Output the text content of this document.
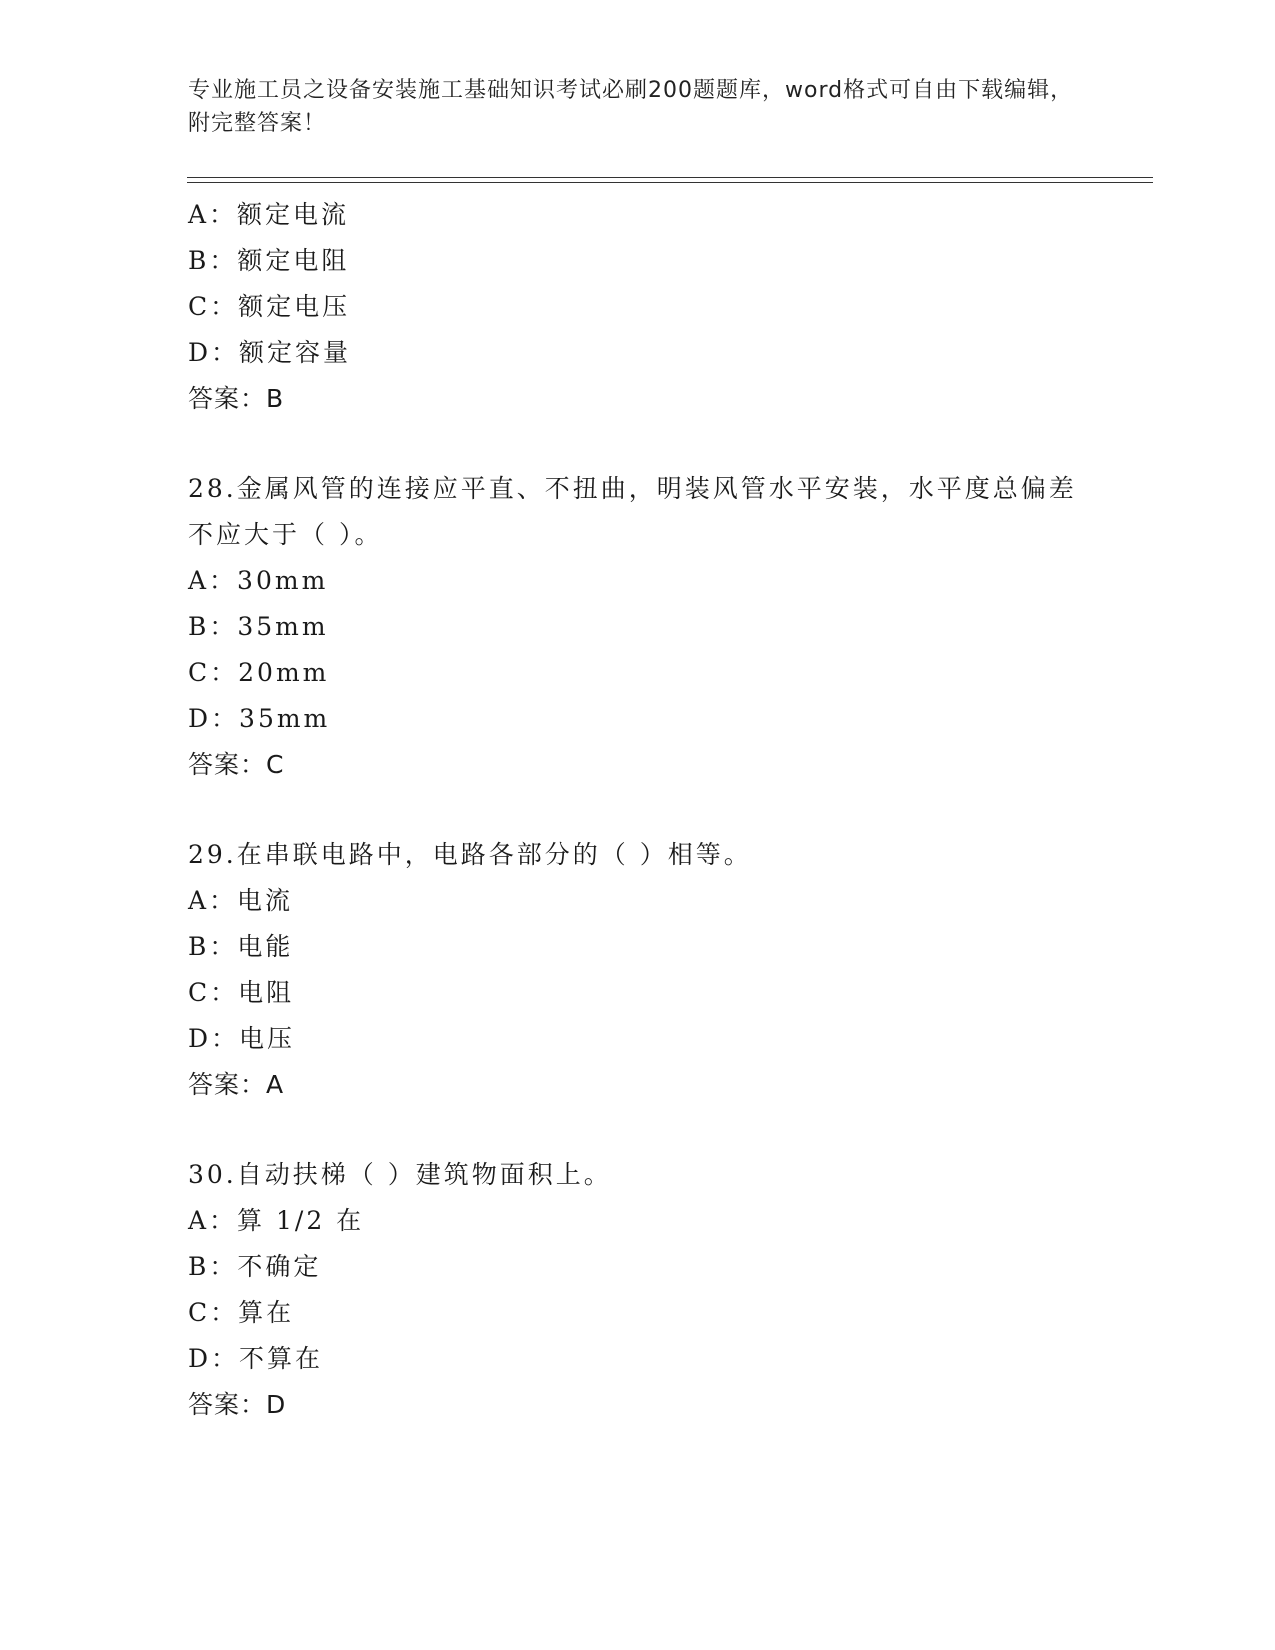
专业施工员之设备安装施工基础知识考试必刷200题题库，word格式可自由下载编辑，附完整答案！
A：额定电流
B：额定电阻
C：额定电压
D：额定容量
答案：B
28.金属风管的连接应平直、不扭曲，明装风管水平安装，水平度总偏差不应大于（ ）。
A：30mm
B：35mm
C：20mm
D：35mm
答案：C
29.在串联电路中，电路各部分的（ ）相等。
A：电流
B：电能
C：电阻
D：电压
答案：A
30.自动扶梯（ ）建筑物面积上。
A：算 1/2 在
B：不确定
C：算在
D：不算在
答案：D
